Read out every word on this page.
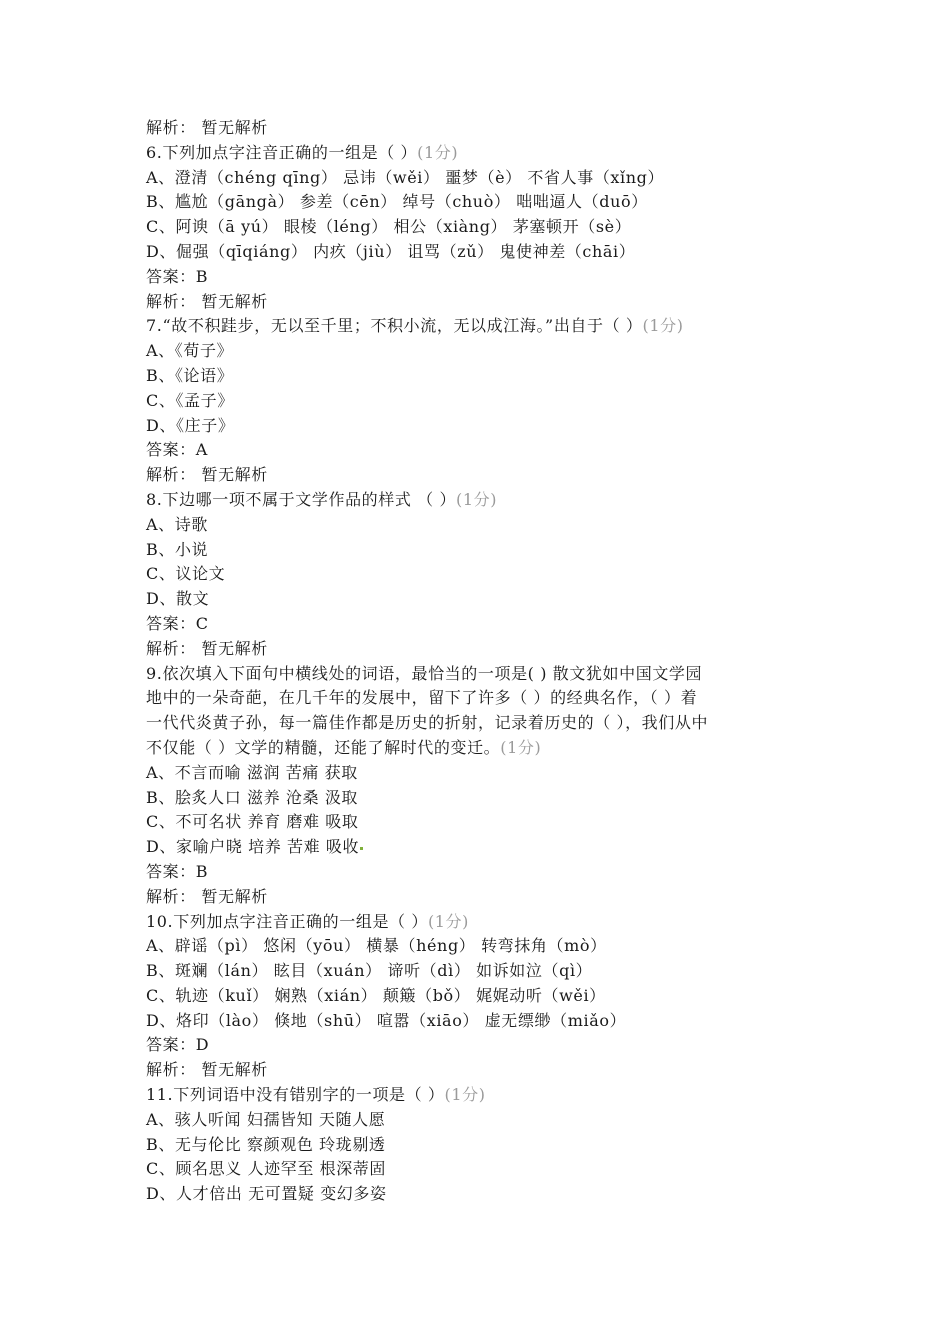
解析： 暂无解析
6.下列加点字注音正确的一组是（ ）(1分)
A、澄清（chéng qīng） 忌讳（wěi） 噩梦（è） 不省人事（xǐng）
B、尴尬（gāngà） 参差（cēn） 绰号（chuò） 咄咄逼人（duō）
C、阿谀（ā yú） 眼棱（léng） 相公（xiàng） 茅塞顿开（sè）
D、倔强（qīqiáng） 内疚（jiù） 诅骂（zǔ） 鬼使神差（chāi）
答案：B
解析： 暂无解析
7.“故不积跬步，无以至千里；不积小流，无以成江海。”出自于（ ）(1分)
A、《荀子》
B、《论语》
C、《孟子》
D、《庄子》
答案：A
解析： 暂无解析
8.下边哪一项不属于文学作品的样式 （ ）(1分)
A、诗歌
B、小说
C、议论文
D、散文
答案：C
解析： 暂无解析
9.依次填入下面句中横线处的词语，最恰当的一项是( ) 散文犹如中国文学园
地中的一朵奇葩，在几千年的发展中，留下了许多（ ）的经典名作，（ ）着
一代代炎黄子孙，每一篇佳作都是历史的折射，记录着历史的（ ），我们从中
不仅能（ ）文学的精髓，还能了解时代的变迁。(1分)
A、不言而喻 滋润 苦痛 获取
B、脍炙人口 滋养 沧桑 汲取
C、不可名状 养育 磨难 吸取
D、家喻户晓 培养 苦难 吸收
答案：B
解析： 暂无解析
10.下列加点字注音正确的一组是（ ）(1分)
A、辟谣（pì） 悠闲（yōu） 横暴（héng） 转弯抹角（mò）
B、斑斓（lán） 眩目（xuán） 谛听（dì） 如诉如泣（qì）
C、轨迹（kuǐ） 娴熟（xián） 颠簸（bǒ） 娓娓动听（wěi）
D、烙印（lào） 倏地（shū） 喧嚣（xiāo） 虚无缥缈（miǎo）
答案：D
解析： 暂无解析
11.下列词语中没有错别字的一项是（ ）(1分)
A、骇人听闻 妇孺皆知 天随人愿
B、无与伦比 察颜观色 玲珑剔透
C、顾名思义 人迹罕至 根深蒂固
D、人才倍出 无可置疑 变幻多姿
